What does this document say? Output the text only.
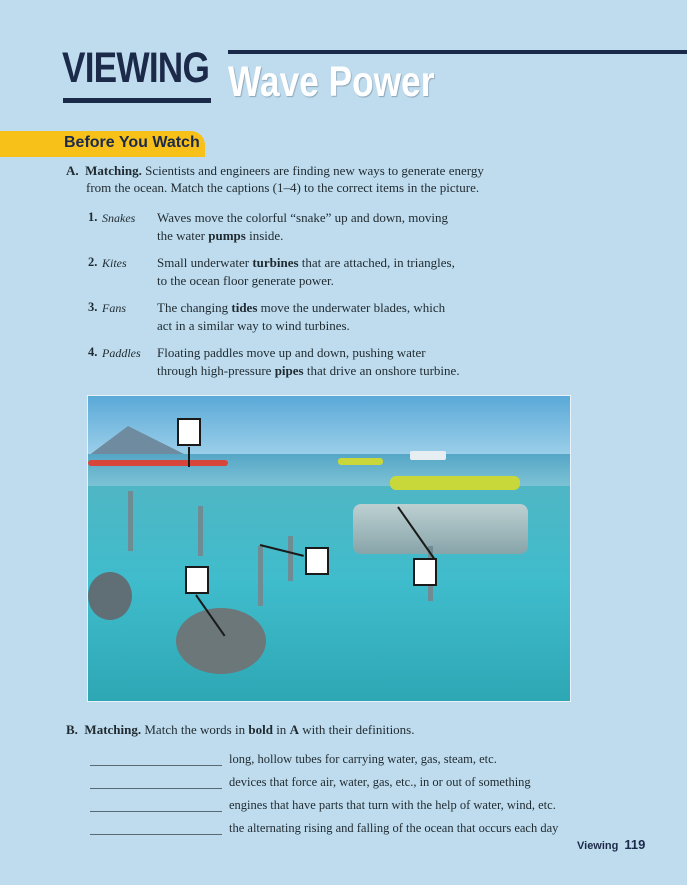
VIEWING Wave Power
Before You Watch
A. Matching. Scientists and engineers are finding new ways to generate energy
from the ocean. Match the captions (1–4) to the correct items in the picture.
1. Snakes Waves move the colorful “snake” up and down, moving
the water pumps inside.
2. Kites Small underwater turbines that are attached, in triangles,
to the ocean floor generate power.
3. Fans The changing tides move the underwater blades, which
act in a similar way to wind turbines.
4. Paddles Floating paddles move up and down, pushing water
through high-pressure pipes that drive an onshore turbine.
B. Matching. Match the words in bold in A with their definitions.
long, hollow tubes for carrying water, gas, steam, etc.
devices that force air, water, gas, etc., in or out of something
engines that have parts that turn with the help of water, wind, etc.
the alternating rising and falling of the ocean that occurs each day
Viewing 119
